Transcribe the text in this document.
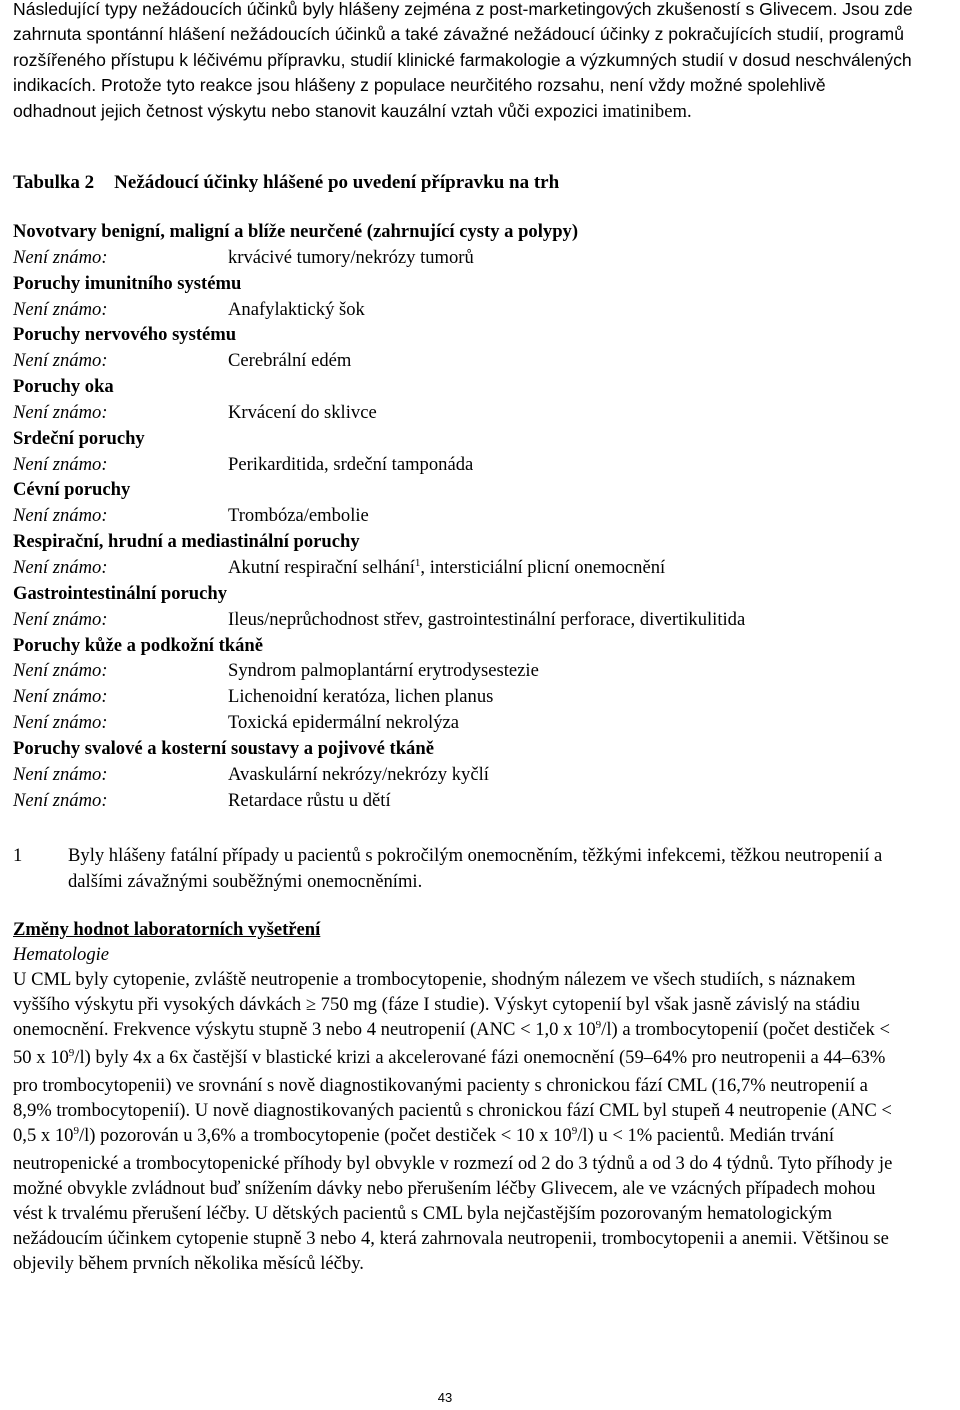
Následující typy nežádoucích účinků byly hlášeny zejména z post-marketingových zkušeností s Glivecem. Jsou zde zahrnuta spontánní hlášení nežádoucích účinků a také závažné nežádoucí účinky z pokračujících studií, programů rozšířeného přístupu k léčivému přípravku, studií klinické farmakologie a výzkumných studií v dosud neschválených indikacích. Protože tyto reakce jsou hlášeny z populace neurčitého rozsahu, není vždy možné spolehlivě odhadnout jejich četnost výskytu nebo stanovit kauzální vztah vůči expozici imatinibem.
Tabulka 2 Nežádoucí účinky hlášené po uvedení přípravku na trh
Novotvary benigní, maligní a blíže neurčené (zahrnující cysty a polypy)
Není známo:	krvácivé tumory/nekrózy tumorů
Poruchy imunitního systému
Není známo:	Anafylaktický šok
Poruchy nervového systému
Není známo:	Cerebrální edém
Poruchy oka
Není známo:	Krvácení do sklivce
Srdeční poruchy
Není známo:	Perikarditida, srdeční tamponáda
Cévní poruchy
Není známo:	Trombóza/embolie
Respirační, hrudní a mediastinální poruchy
Není známo:	Akutní respirační selhání$^1$, intersticiální plicní onemocnění
Gastrointestinální poruchy
Není známo:	Ileus/neprůchodnost střev, gastrointestinální perforace, divertikulitida
Poruchy kůže a podkožní tkáně
Není známo:	Syndrom palmoplantární erytrodysestezie
Není známo:	Lichenoidní keratóza, lichen planus
Není známo:	Toxická epidermální nekrolýza
Poruchy svalové a kosterní soustavy a pojivové tkáně
Není známo:	Avaskulární nekrózy/nekrózy kyčlí
Není známo:	Retardace růstu u dětí
1 Byly hlášeny fatální případy u pacientů s pokročilým onemocněním, těžkými infekcemi, těžkou neutropenií a dalšími závažnými souběžnými onemocněními.
Změny hodnot laboratorních vyšetření
Hematologie

U CML byly cytopenie, zvláště neutropenie a trombocytopenie, shodným nálezem ve všech studiích, s náznakem vyššího výskytu při vysokých dávkách ≥ 750 mg (fáze I studie). Výskyt cytopenií byl však jasně závislý na stádiu onemocnění. Frekvence výskytu stupně 3 nebo 4 neutropenií (ANC < 1,0 x $10^9/l$) a trombocytopenií (počet destiček < 50 x $10^9/l$) byly 4x a 6x častější v blastické krizi a akcelerované fázi onemocnění (59–64% pro neutropenii a 44–63% pro trombocytopenii) ve srovnání s nově diagnostikovanými pacienty s chronickou fází CML (16,7% neutropenií a 8,9% trombocytopenií). U nově diagnostikovaných pacientů s chronickou fází CML byl stupeň 4 neutropenie (ANC < 0,5 x $10^9/l$) pozorován u 3,6% a trombocytopenie (počet destiček < 10 x $10^9/l$) u < 1% pacientů. Medián trvání neutropenické a trombocytopenické příhody byl obvykle v rozmezí od 2 do 3 týdnů a od 3 do 4 týdnů. Tyto příhody je možné obvykle zvládnout buď snížením dávky nebo přerušením léčby Glivecem, ale ve vzácných případech mohou vést k trvalému přerušení léčby. U dětských pacientů s CML byla nejčastějším pozorovaným hematologickým nežádoucím účinkem cytopenie stupně 3 nebo 4, která zahrnovala neutropenii, trombocytopenii a anemii. Většinou se objevily během prvních několika měsíců léčby.

43
